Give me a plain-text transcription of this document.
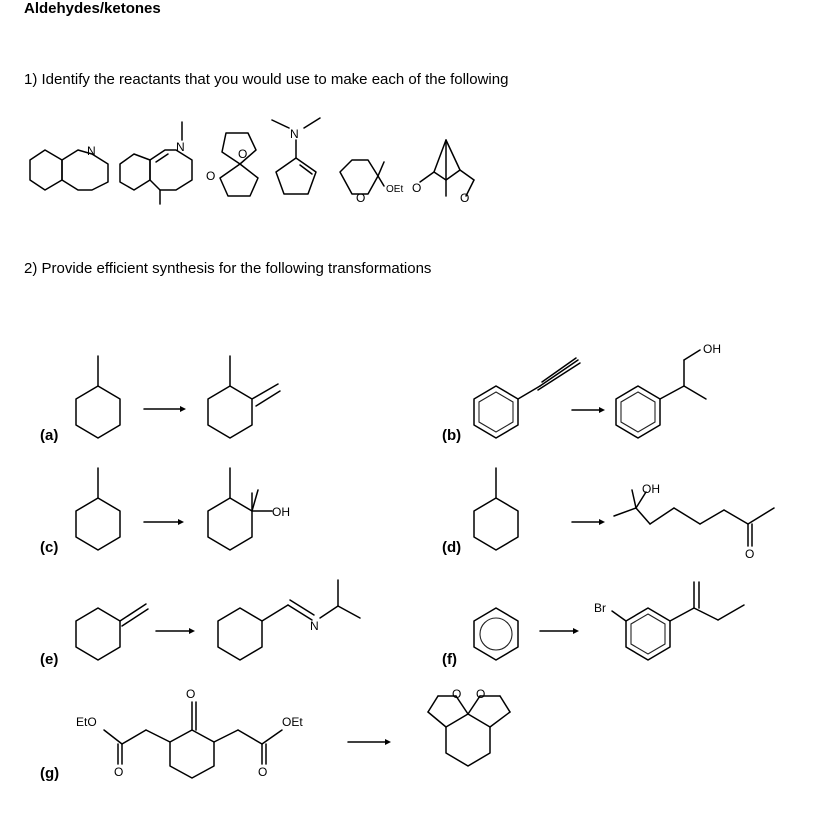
Aldehydes/ketones
1) Identify the reactants that you would use to make each of the following
2) Provide efficient synthesis for the following transformations
N	N	O
O
N
O
OEt O
O
(a)	(b)
OH
(c)
OH
(d)
OH
O
(e)
N
(f)
Br
(g)
O
EtO
O
OEt
O
O O
